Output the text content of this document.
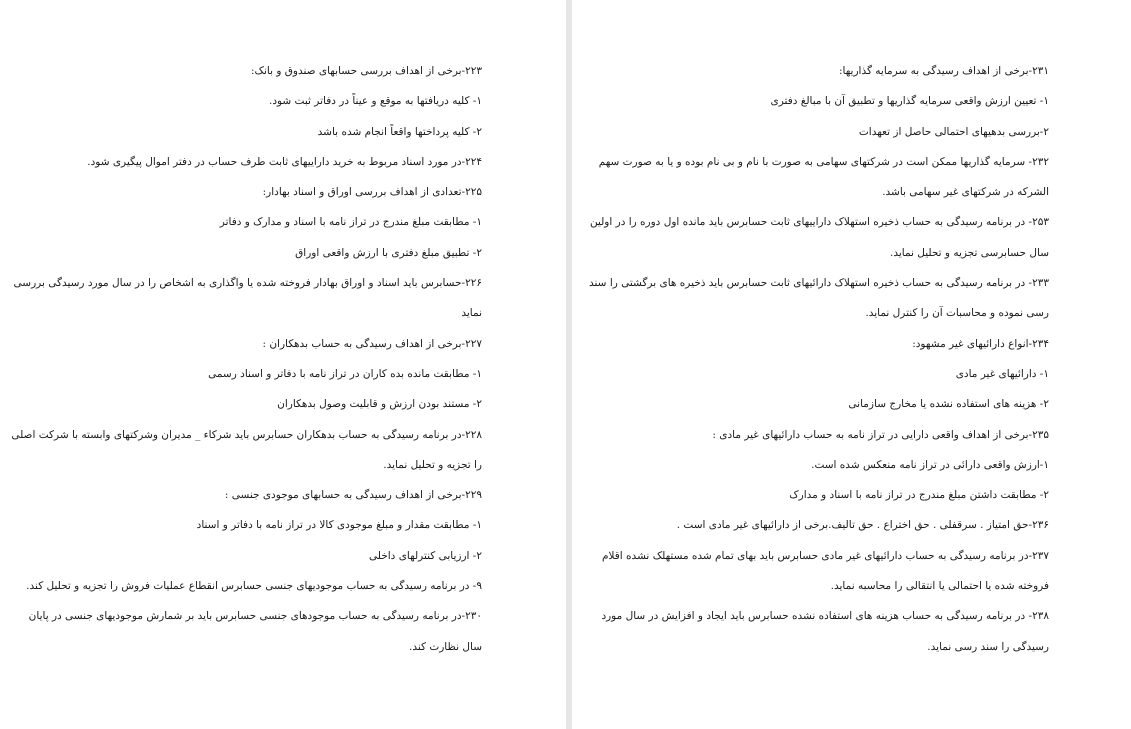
۲۲۳-برخی از اهداف بررسی حسابهای صندوق و بانک:
۱- کلیه دریافتها به موقع و عیناً در دفاتر ثبت شود.
۲- کلیه پرداختها واقعاً انجام شده باشد
۲۲۴-در مورد اسناد مربوط به خرید داراییهای ثابت طرف حساب در دفتر اموال پیگیری شود.
۲۲۵-تعدادی از اهداف بررسی اوراق و اسناد بهادار:
۱- مطابقت مبلغ مندرج در تراز نامه با اسناد و مدارک و دفاتر
۲- تطبیق مبلغ دفتری با ارزش واقعی اوراق
۲۲۶-حسابرس باید اسناد و اوراق بهادار فروخته شده یا واگذاری به اشخاص را در سال مورد رسیدگی بررسی
نماید
۲۲۷-برخی از اهداف رسیدگی به حساب بدهکاران :
۱- مطابقت مانده بده کاران در تراز نامه با دفاتر و اسناد رسمی
۲- مستند بودن ارزش و قابلیت وصول بدهکاران
۲۲۸-در برنامه رسیدگی به حساب بدهکاران حسابرس باید شرکاء _ مدیران وشرکتهای وابسته با شرکت اصلی
را تجزیه و تحلیل نماید.
۲۲۹-برخی از اهداف رسیدگی به حسابهای موجودی جنسی :
۱- مطابقت مقدار و مبلغ موجودی کالا در تراز نامه با دفاتر و اسناد
۲- ارزیابی کنترلهای داخلی
۹- در برنامه رسیدگی به حساب موجودیهای جنسی حسابرس انقطاع عملیات فروش را تجزیه و تحلیل کند.
۲۳۰-در برنامه رسیدگی به حساب موجودهای جنسی حسابرس باید بر شمارش موجودیهای جنسی در پایان
سال نظارت کند.
۲۳۱-برخی از اهداف رسیدگی به سرمایه گذاریها:
۱- تعیین ارزش واقعی سرمایه گذاریها و تطبیق آن با مبالغ دفتری
۲-بررسی بدهیهای احتمالی حاصل از تعهدات
۲۳۲- سرمایه گذاریها ممکن است در شرکتهای سهامی به صورت با نام و بی نام بوده و یا به صورت سهم
الشرکه در شرکتهای غیر سهامی باشد.
۲۵۳- در برنامه رسیدگی به حساب ذخیره استهلاک داراییهای ثابت حسابرس باید مانده اول دوره را در اولین
سال حسابرسی تجزیه و تحلیل نماید.
۲۳۳- در برنامه رسیدگی به حساب ذخیره استهلاک دارائیهای ثابت حسابرس باید ذخیره های برگشتی را سند
رسی نموده و محاسبات آن را کنترل نماید.
۲۳۴-انواع دارائیهای غیر مشهود:
۱- دارائیهای غیر مادی
۲- هزینه های استفاده نشده یا مخارج سازمانی
۲۳۵-برخی از اهداف واقعی دارایی در تراز نامه به حساب دارائیهای غیر مادی :
۱-ارزش واقعی دارائی در تراز نامه منعکس شده است.
۲- مطابقت داشتن مبلغ مندرج در تراز نامه با اسناد و مدارک
۲۳۶-حق امتیاز . سرقفلی . حق اختراع . حق تالیف.برخی از دارائیهای غیر مادی است .
۲۳۷-در برنامه رسیدگی به حساب دارائیهای غیر مادی حسابرس باید بهای تمام شده مستهلک نشده اقلام
فروخته شده یا احتمالی یا انتقالی را محاسبه نماید.
۲۳۸- در برنامه رسیدگی به حساب هزینه های استفاده نشده حسابرس باید ایجاد و افزایش در سال مورد
رسیدگی را سند رسی نماید.
